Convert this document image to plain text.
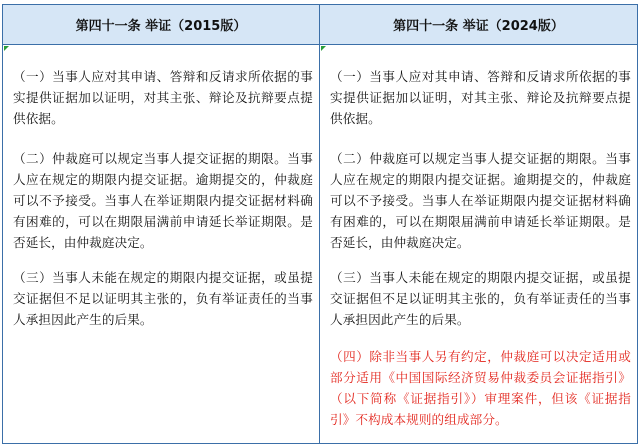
第四十一条 举证（2015版）	第四十一条 举证（2024版）
（一）当事人应对其申请、答辩和反请求所依据的事实提供证据加以证明，对其主张、辩论及抗辩要点提供依据。
（二）仲裁庭可以规定当事人提交证据的期限。当事人应在规定的期限内提交证据。逾期提交的，仲裁庭可以不予接受。当事人在举证期限内提交证据材料确有困难的，可以在期限届满前申请延长举证期限。是否延长，由仲裁庭决定。
（三）当事人未能在规定的期限内提交证据，或虽提交证据但不足以证明其主张的，负有举证责任的当事人承担因此产生的后果。
（一）当事人应对其申请、答辩和反请求所依据的事实提供证据加以证明，对其主张、辩论及抗辩要点提供依据。
（二）仲裁庭可以规定当事人提交证据的期限。当事人应在规定的期限内提交证据。逾期提交的，仲裁庭可以不予接受。当事人在举证期限内提交证据材料确有困难的，可以在期限届满前申请延长举证期限。是否延长，由仲裁庭决定。
（三）当事人未能在规定的期限内提交证据，或虽提交证据但不足以证明其主张的，负有举证责任的当事人承担因此产生的后果。
（四）除非当事人另有约定，仲裁庭可以决定适用或部分适用《中国国际经济贸易仲裁委员会证据指引》（以下简称《证据指引》）审理案件，但该《证据指引》不构成本规则的组成部分。
